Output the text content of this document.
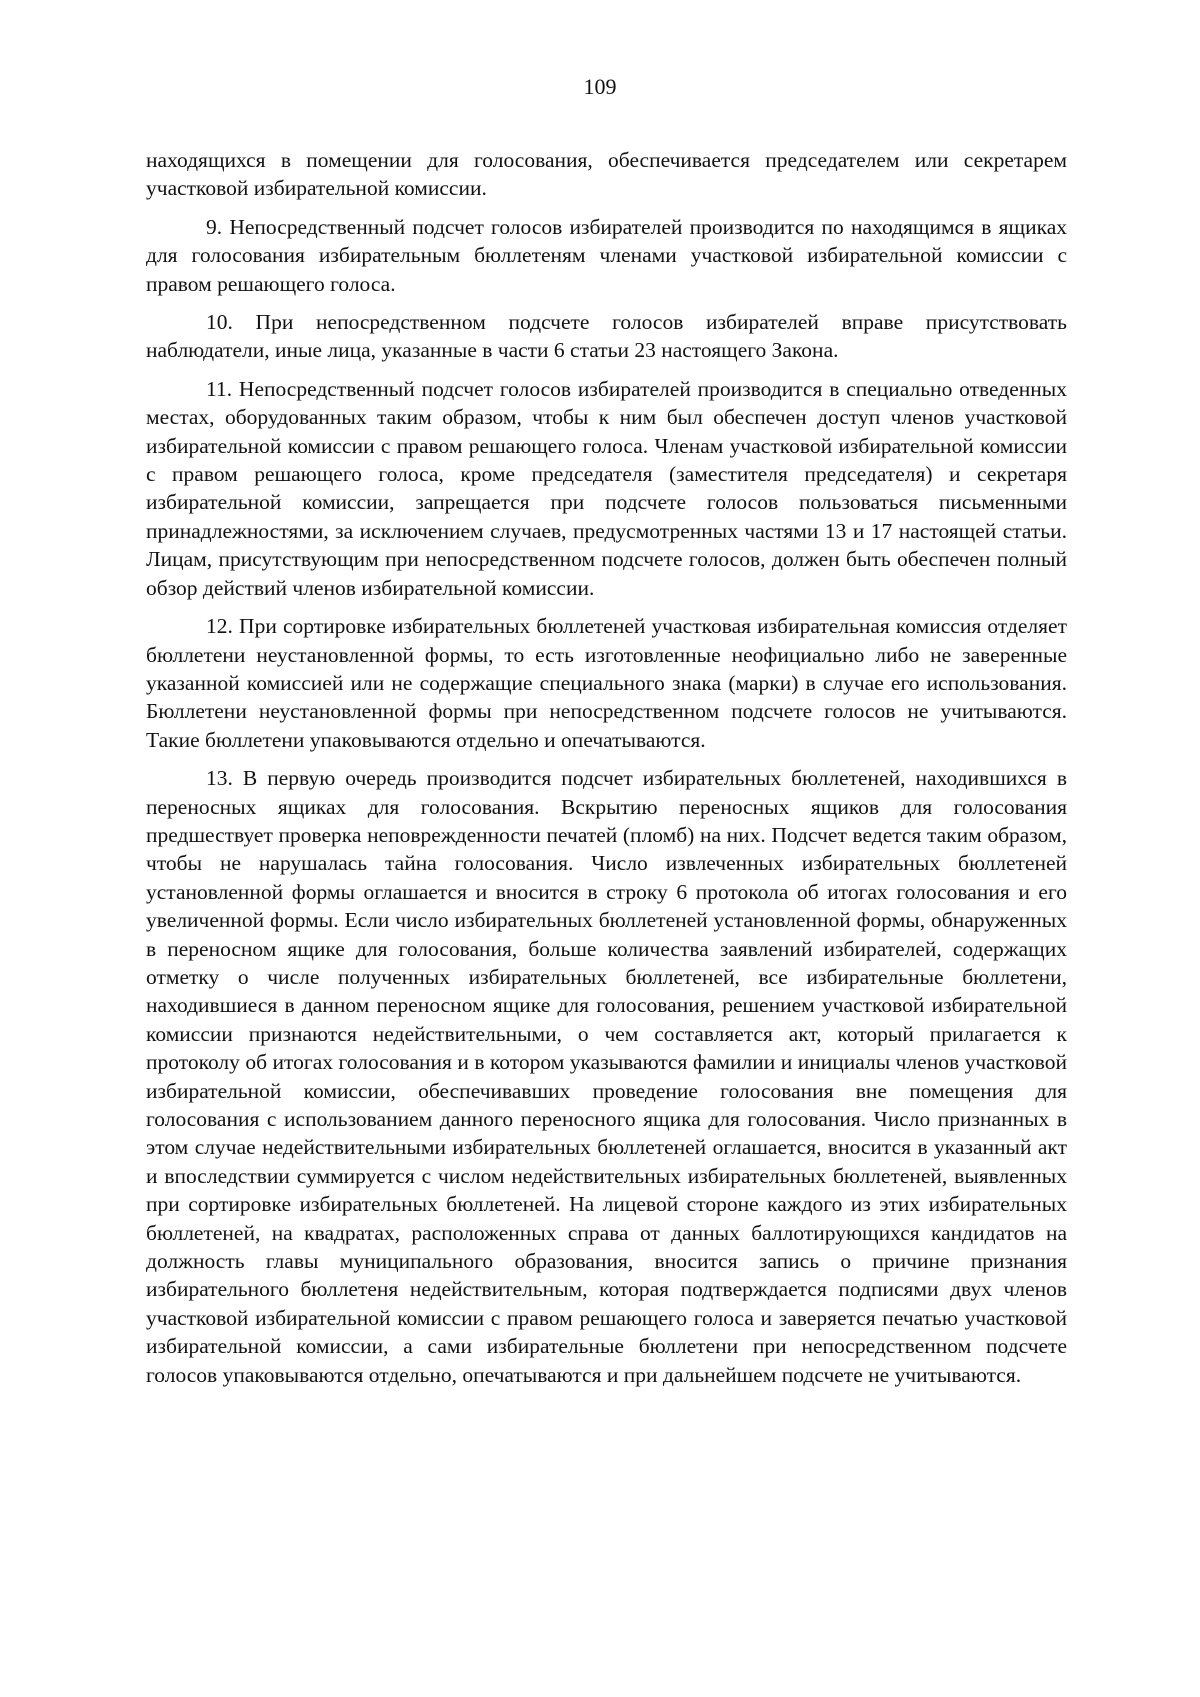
109

находящихся в помещении для голосования, обеспечивается председателем или секретарем участковой избирательной комиссии.

9. Непосредственный подсчет голосов избирателей производится по находящимся в ящиках для голосования избирательным бюллетеням членами участковой избирательной комиссии с правом решающего голоса.

10. При непосредственном подсчете голосов избирателей вправе присутствовать наблюдатели, иные лица, указанные в части 6 статьи 23 настоящего Закона.

11. Непосредственный подсчет голосов избирателей производится в специально отведенных местах, оборудованных таким образом, чтобы к ним был обеспечен доступ членов участковой избирательной комиссии с правом решающего голоса. Членам участковой избирательной комиссии с правом решающего голоса, кроме председателя (заместителя председателя) и секретаря избирательной комиссии, запрещается при подсчете голосов пользоваться письменными принадлежностями, за исключением случаев, предусмотренных частями 13 и 17 настоящей статьи. Лицам, присутствующим при непосредственном подсчете голосов, должен быть обеспечен полный обзор действий членов избирательной комиссии.

12. При сортировке избирательных бюллетеней участковая избирательная комиссия отделяет бюллетени неустановленной формы, то есть изготовленные неофициально либо не заверенные указанной комиссией или не содержащие специального знака (марки) в случае его использования. Бюллетени неустановленной формы при непосредственном подсчете голосов не учитываются. Такие бюллетени упаковываются отдельно и опечатываются.

13. В первую очередь производится подсчет избирательных бюллетеней, находившихся в переносных ящиках для голосования. Вскрытию переносных ящиков для голосования предшествует проверка неповрежденности печатей (пломб) на них. Подсчет ведется таким образом, чтобы не нарушалась тайна голосования. Число извлеченных избирательных бюллетеней установленной формы оглашается и вносится в строку 6 протокола об итогах голосования и его увеличенной формы. Если число избирательных бюллетеней установленной формы, обнаруженных в переносном ящике для голосования, больше количества заявлений избирателей, содержащих отметку о числе полученных избирательных бюллетеней, все избирательные бюллетени, находившиеся в данном переносном ящике для голосования, решением участковой избирательной комиссии признаются недействительными, о чем составляется акт, который прилагается к протоколу об итогах голосования и в котором указываются фамилии и инициалы членов участковой избирательной комиссии, обеспечивавших проведение голосования вне помещения для голосования с использованием данного переносного ящика для голосования. Число признанных в этом случае недействительными избирательных бюллетеней оглашается, вносится в указанный акт и впоследствии суммируется с числом недействительных избирательных бюллетеней, выявленных при сортировке избирательных бюллетеней. На лицевой стороне каждого из этих избирательных бюллетеней, на квадратах, расположенных справа от данных баллотирующихся кандидатов на должность главы муниципального образования, вносится запись о причине признания избирательного бюллетеня недействительным, которая подтверждается подписями двух членов участковой избирательной комиссии с правом решающего голоса и заверяется печатью участковой избирательной комиссии, а сами избирательные бюллетени при непосредственном подсчете голосов упаковываются отдельно, опечатываются и при дальнейшем подсчете не учитываются.
